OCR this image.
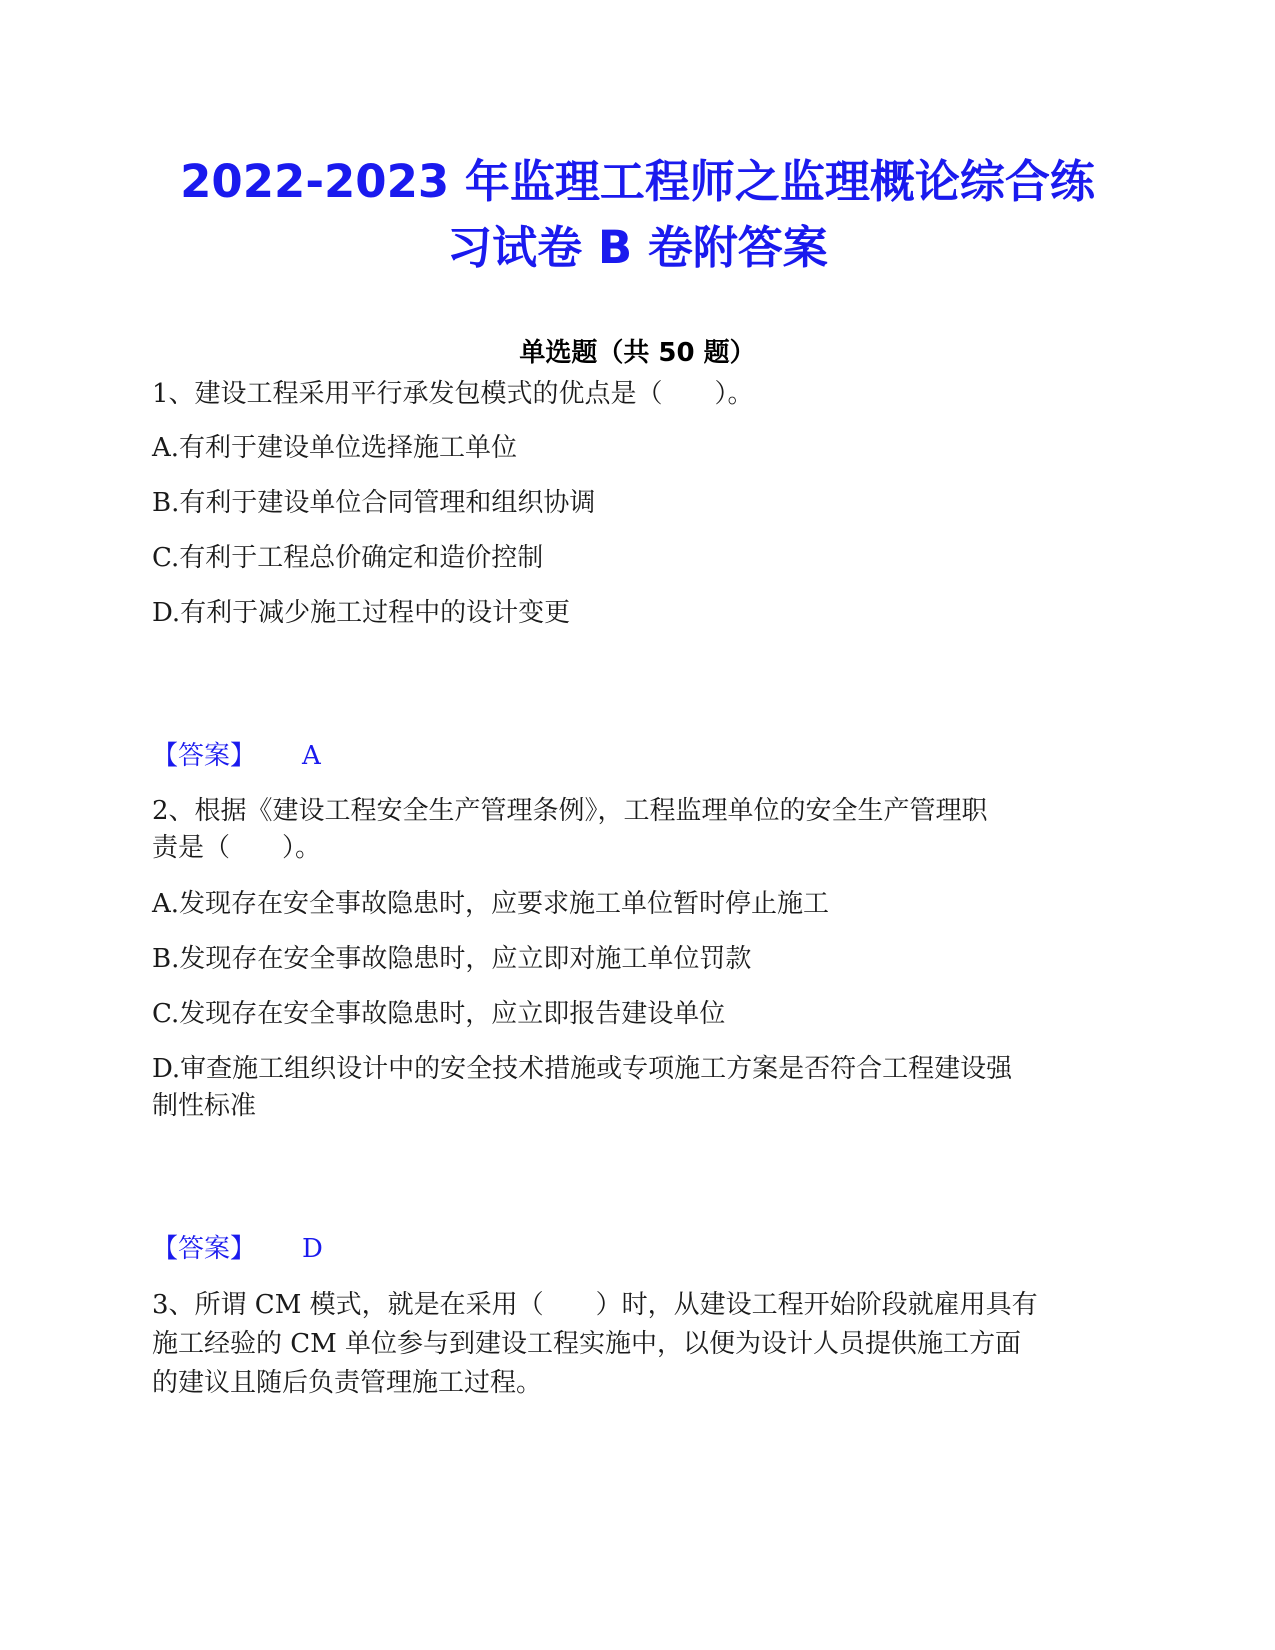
2022-2023 年监理工程师之监理概论综合练
习试卷 B 卷附答案
单选题（共 50 题）
1、建设工程采用平行承发包模式的优点是（　　）。
A.有利于建设单位选择施工单位
B.有利于建设单位合同管理和组织协调
C.有利于工程总价确定和造价控制
D.有利于减少施工过程中的设计变更
【答案】 A
2、根据《建设工程安全生产管理条例》，工程监理单位的安全生产管理职
责是（　　）。
A.发现存在安全事故隐患时，应要求施工单位暂时停止施工
B.发现存在安全事故隐患时，应立即对施工单位罚款
C.发现存在安全事故隐患时，应立即报告建设单位
D.审查施工组织设计中的安全技术措施或专项施工方案是否符合工程建设强
制性标准
【答案】 D
3、所谓 CM 模式，就是在采用（　　）时，从建设工程开始阶段就雇用具有
施工经验的 CM 单位参与到建设工程实施中，以便为设计人员提供施工方面
的建议且随后负责管理施工过程。
